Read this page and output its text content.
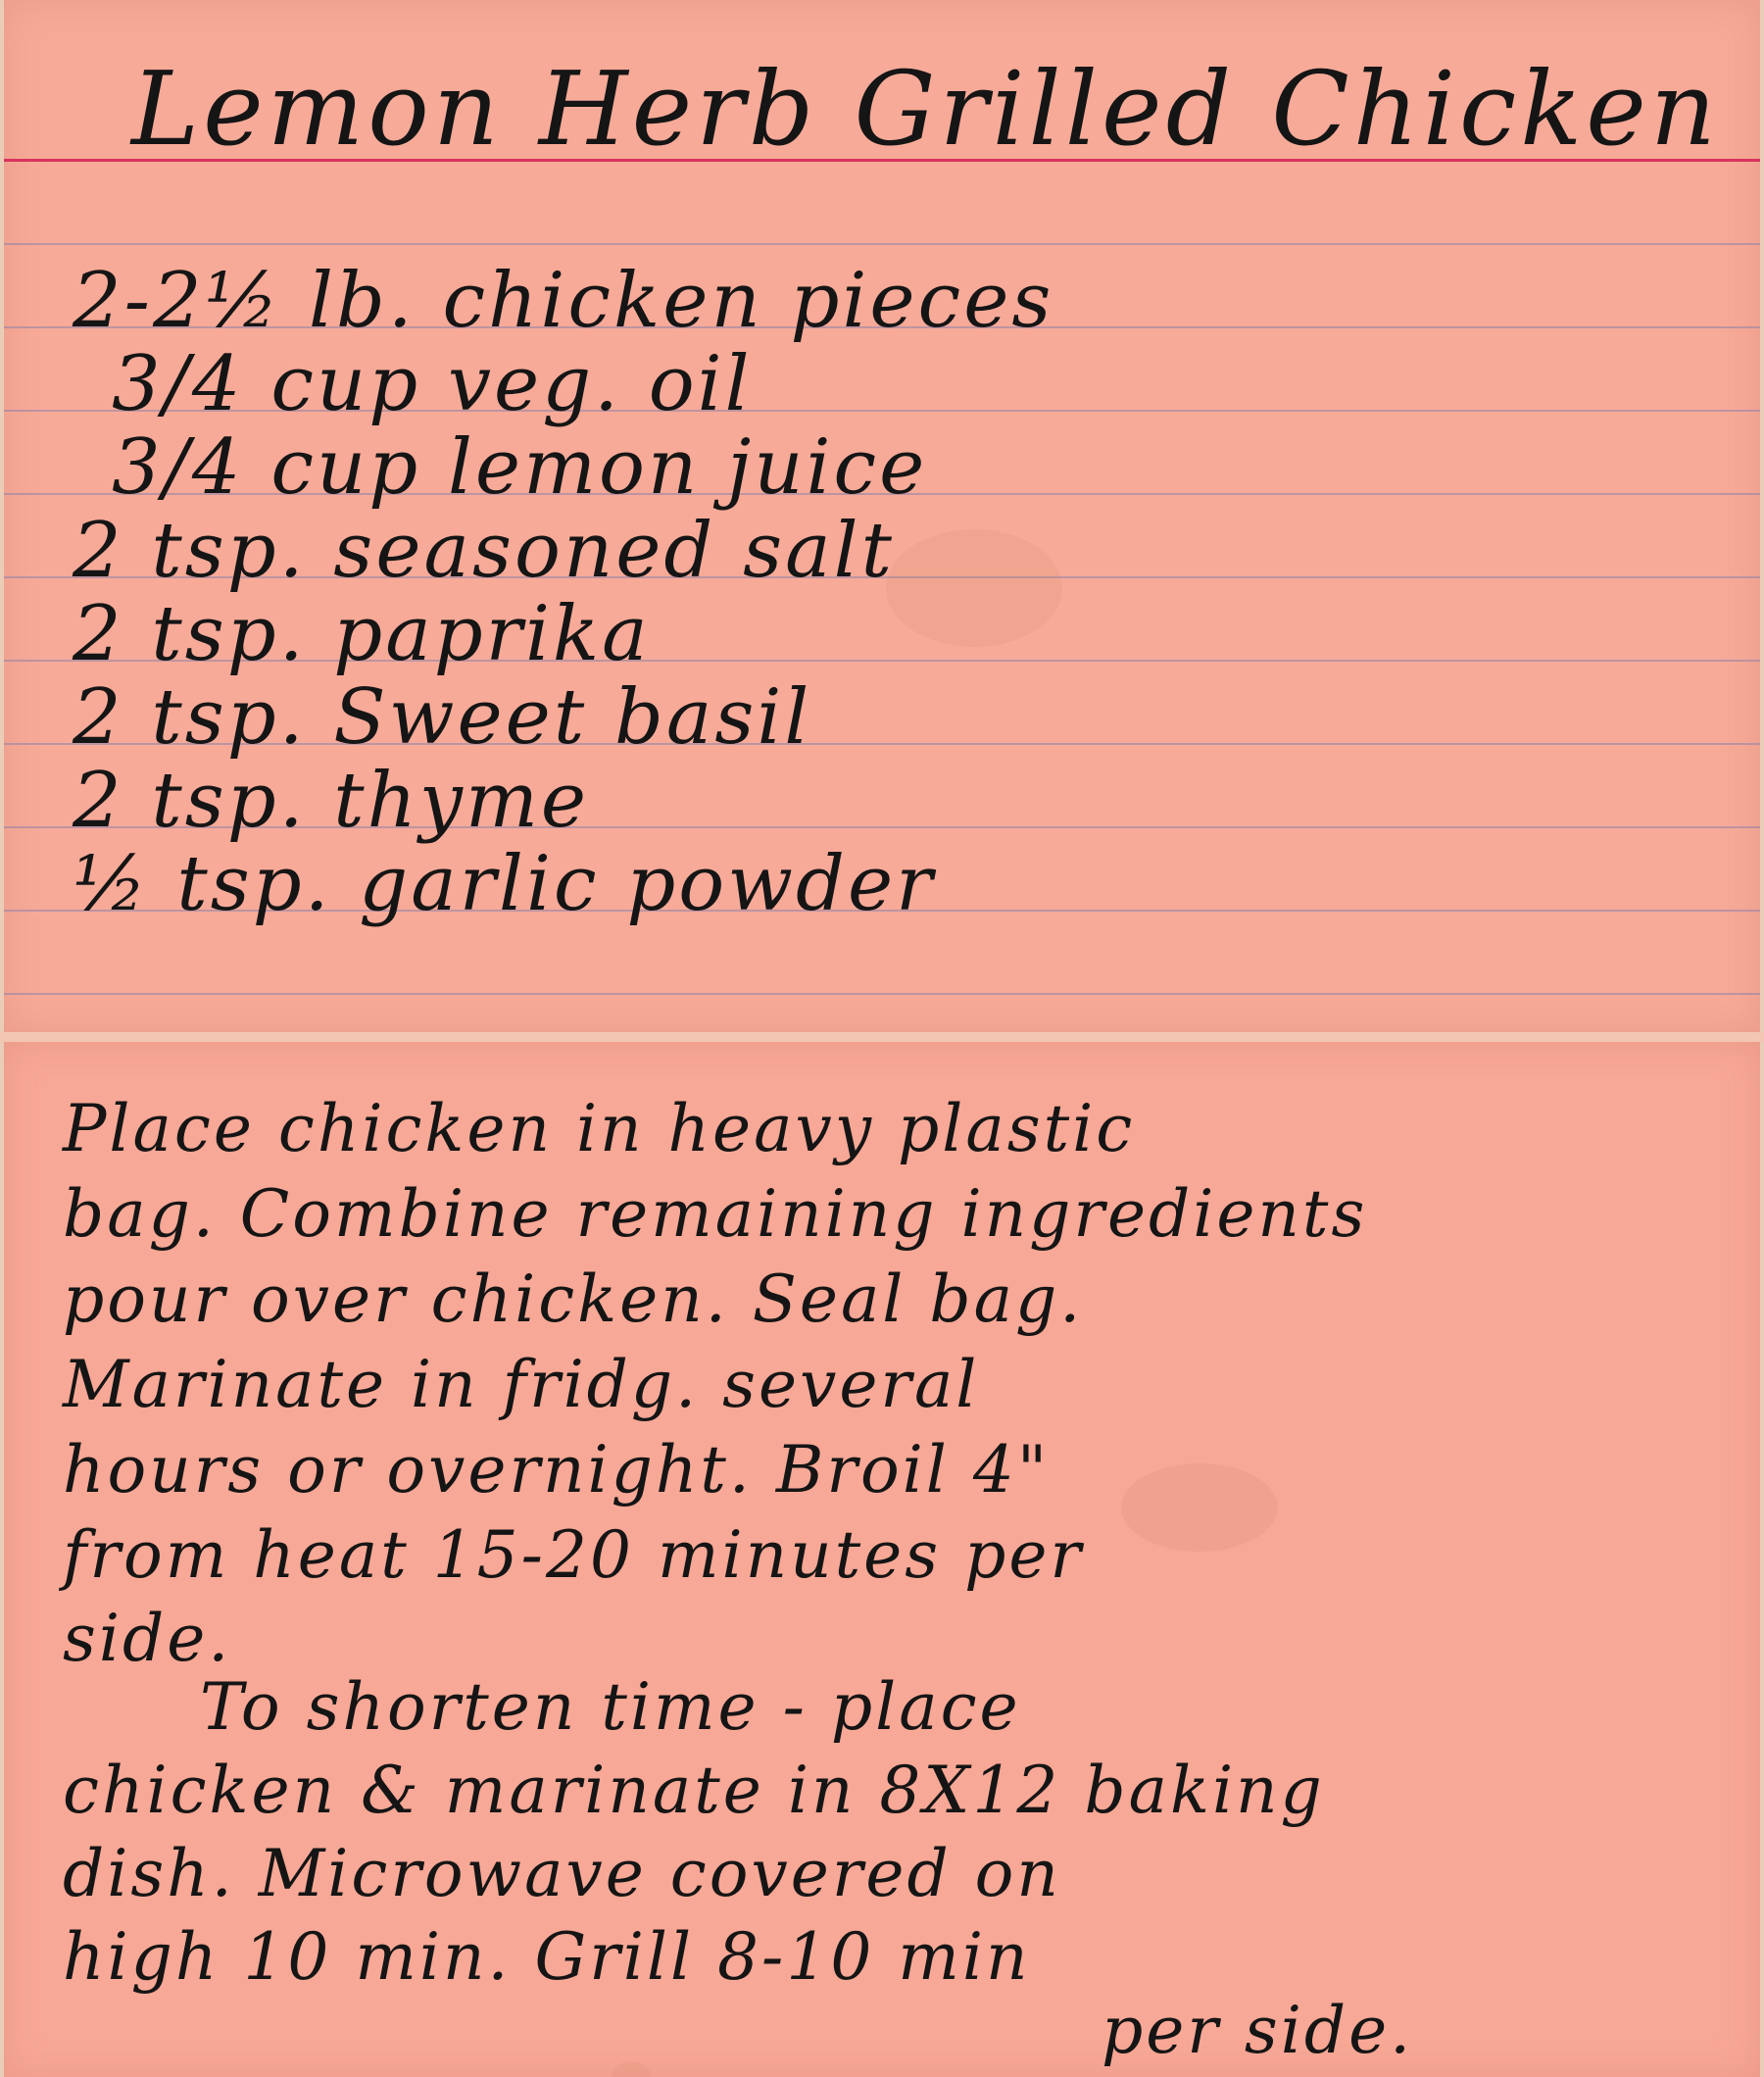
Lemon Herb Grilled Chicken
2-2½ lb. chicken pieces
3/4 cup veg. oil
3/4 cup lemon juice
2 tsp. seasoned salt
2 tsp. paprika
2 tsp. Sweet basil
2 tsp. thyme
½ tsp. garlic powder
Place chicken in heavy plastic
bag. Combine remaining ingredients
pour over chicken. Seal bag.
Marinate in fridg. several
hours or overnight. Broil 4"
from heat 15-20 minutes per
side.
To shorten time - place
chicken & marinate in 8X12 baking
dish. Microwave covered on
high 10 min. Grill 8-10 min
per side.
